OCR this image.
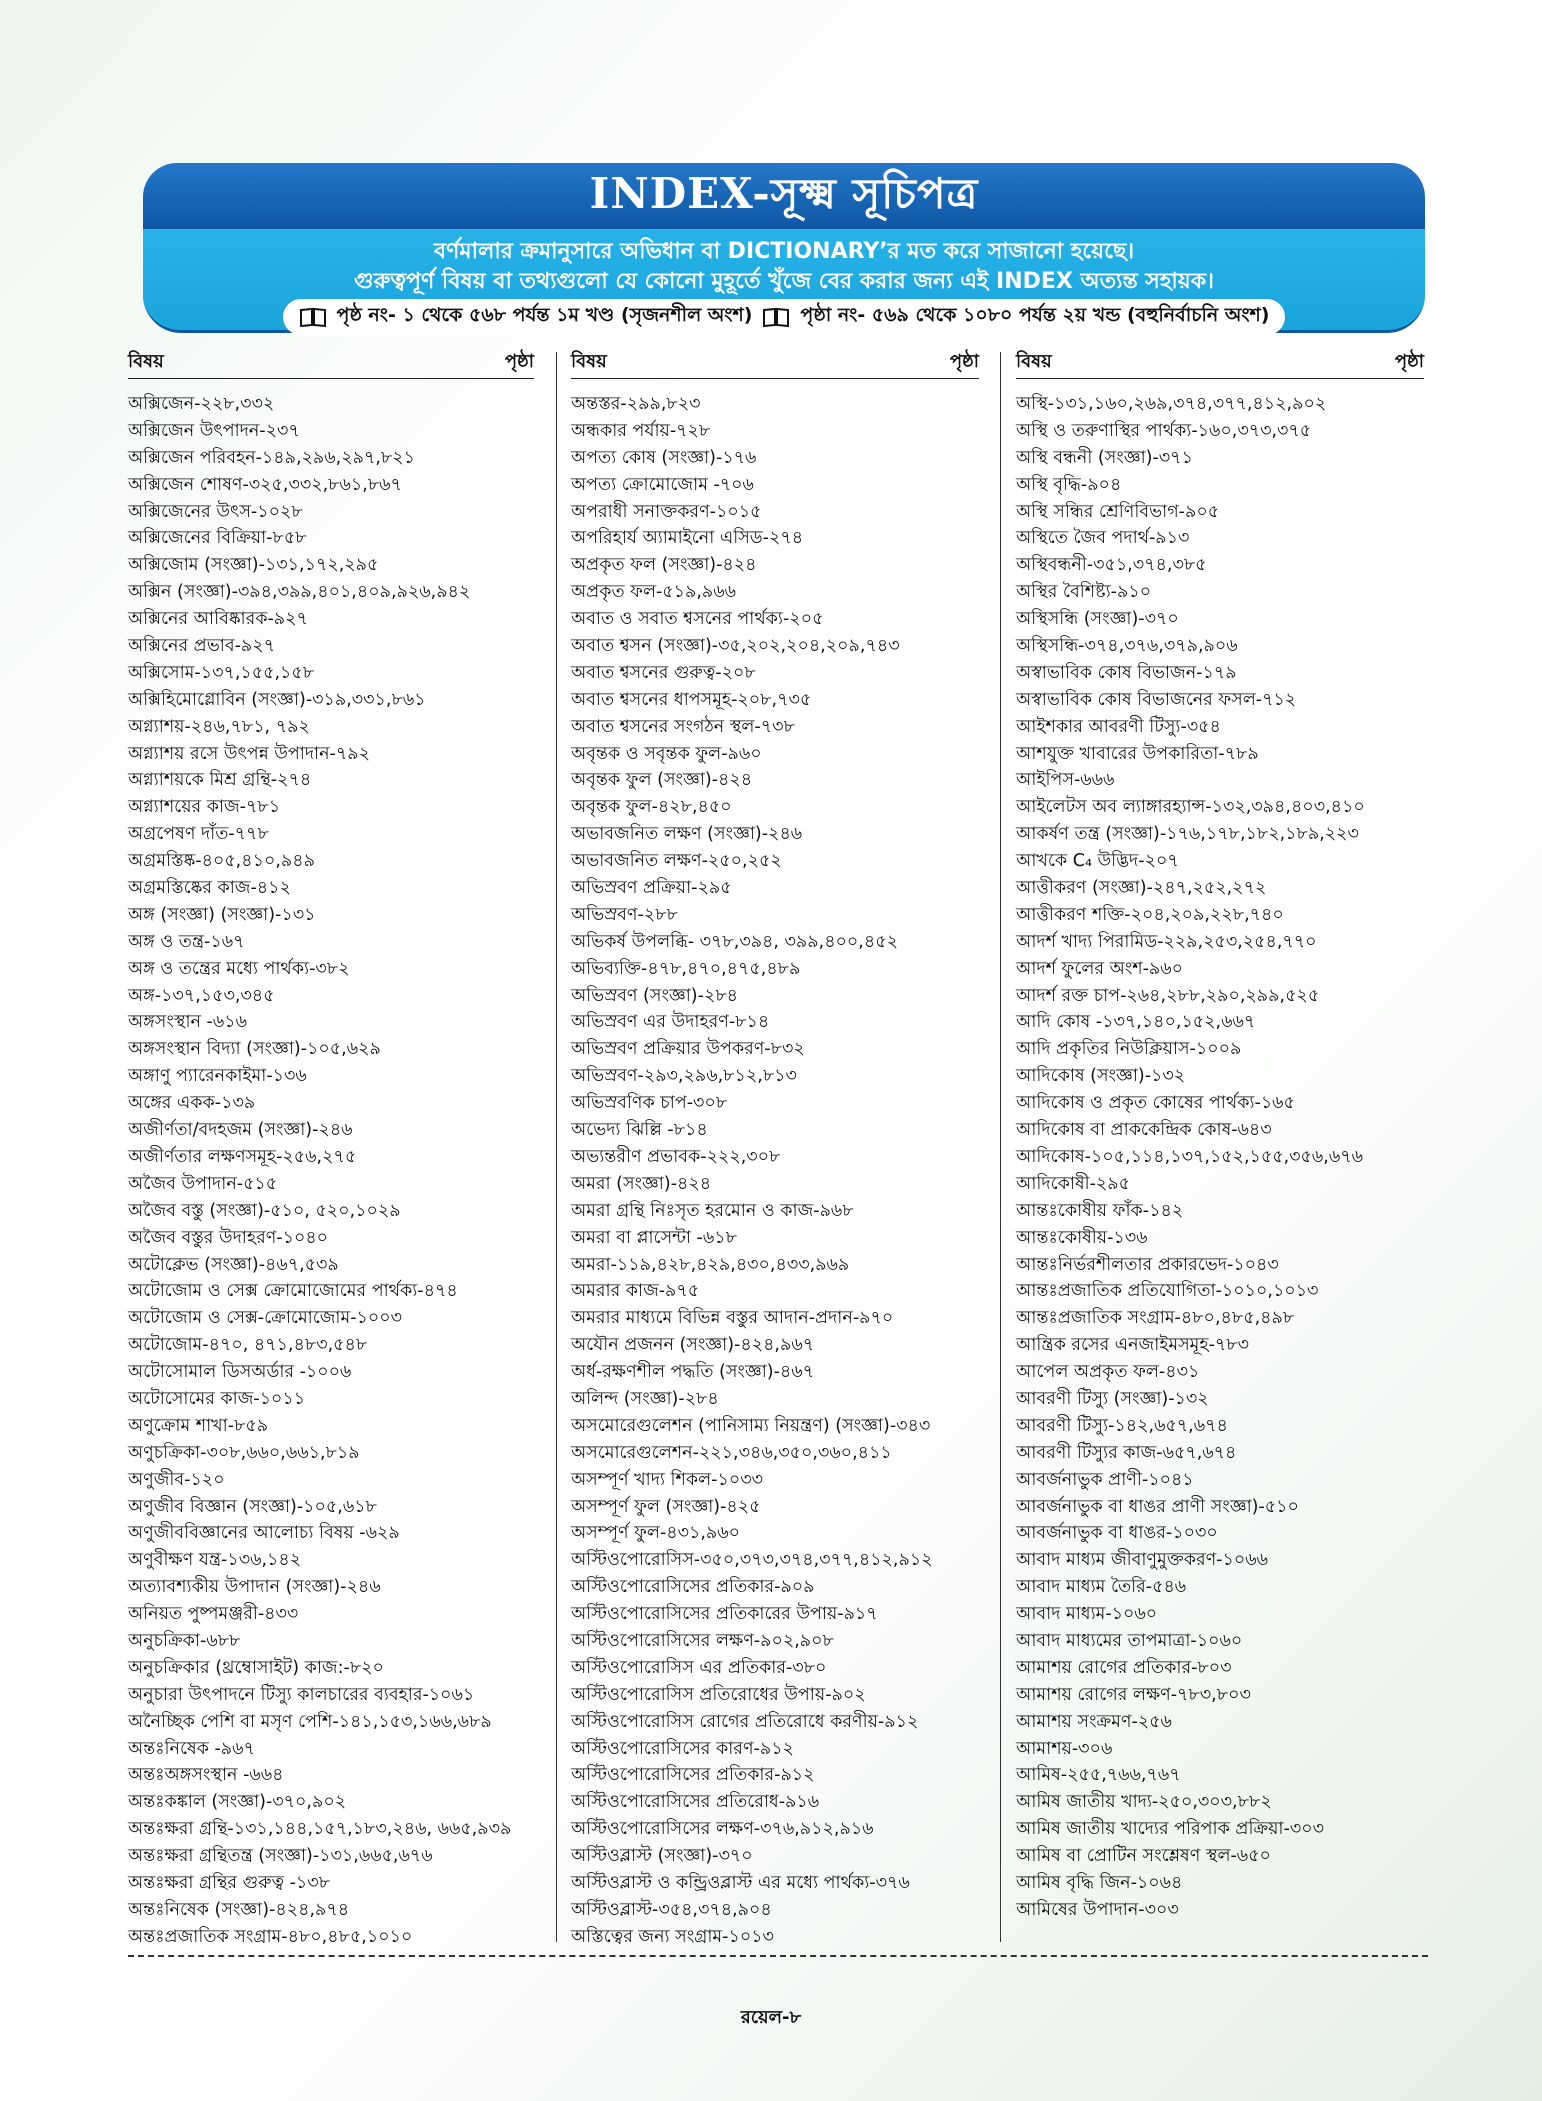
INDEX-সূক্ষ্ম সূচিপত্র
বর্ণমালার ক্রমানুসারে অভিধান বা DICTIONARY’র মত করে সাজানো হয়েছে।
গুরুত্বপূর্ণ বিষয় বা তথ্যগুলো যে কোনো মুহূর্তে খুঁজে বের করার জন্য এই INDEX অত্যন্ত সহায়ক।
পৃষ্ঠ নং- ১ থেকে ৫৬৮ পর্যন্ত ১ম খণ্ড (সৃজনশীল অংশ)	পৃষ্ঠা নং- ৫৬৯ থেকে ১০৮০ পর্যন্ত ২য় খন্ড (বহুনির্বাচনি অংশ)
বিষয়	পৃষ্ঠা
অক্সিজেন-২২৮,৩৩২
অক্সিজেন উৎপাদন-২৩৭
অক্সিজেন পরিবহন-১৪৯,২৯৬,২৯৭,৮২১
অক্সিজেন শোষণ-৩২৫,৩৩২,৮৬১,৮৬৭
অক্সিজেনের উৎস-১০২৮
অক্সিজেনের বিক্রিয়া-৮৫৮
অক্সিজোম (সংজ্ঞা)-১৩১,১৭২,২৯৫
অক্সিন (সংজ্ঞা)-৩৯৪,৩৯৯,৪০১,৪০৯,৯২৬,৯৪২
অক্সিনের আবিষ্কারক-৯২৭
অক্সিনের প্রভাব-৯২৭
অক্সিসোম-১৩৭,১৫৫,১৫৮
অক্সিহিমোগ্লোবিন (সংজ্ঞা)-৩১৯,৩৩১,৮৬১
অগ্ন্যাশয়-২৪৬,৭৮১, ৭৯২
অগ্ন্যাশয় রসে উৎপন্ন উপাদান-৭৯২
অগ্ন্যাশয়কে মিশ্র গ্রন্থি-২৭৪
অগ্ন্যাশয়ের কাজ-৭৮১
অগ্রপেষণ দাঁত-৭৭৮
অগ্রমস্তিষ্ক-৪০৫,৪১০,৯৪৯
অগ্রমস্তিষ্কের কাজ-৪১২
অঙ্গ (সংজ্ঞা) (সংজ্ঞা)-১৩১
অঙ্গ ও তন্ত্র-১৬৭
অঙ্গ ও তন্ত্রের মধ্যে পার্থক্য-৩৮২
অঙ্গ-১৩৭,১৫৩,৩৪৫
অঙ্গসংস্থান -৬১৬
অঙ্গসংস্থান বিদ্যা (সংজ্ঞা)-১০৫,৬২৯
অঙ্গাণু প্যারেনকাইমা-১৩৬
অঙ্গের একক-১৩৯
অজীর্ণতা/বদহজম (সংজ্ঞা)-২৪৬
অজীর্ণতার লক্ষণসমূহ-২৫৬,২৭৫
অজৈব উপাদান-৫১৫
অজৈব বস্তু (সংজ্ঞা)-৫১০, ৫২০,১০২৯
অজৈব বস্তুর উদাহরণ-১০৪০
অটোক্লেভ (সংজ্ঞা)-৪৬৭,৫৩৯
অটোজোম ও সেক্স ক্রোমোজোমের পার্থক্য-৪৭৪
অটোজোম ও সেক্স-ক্রোমোজোম-১০০৩
অটোজোম-৪৭০, ৪৭১,৪৮৩,৫৪৮
অটোসোমাল ডিসঅর্ডার -১০০৬
অটোসোমের কাজ-১০১১
অণুক্রোম শাখা-৮৫৯
অণুচক্রিকা-৩০৮,৬৬০,৬৬১,৮১৯
অণুজীব-১২০
অণুজীব বিজ্ঞান (সংজ্ঞা)-১০৫,৬১৮
অণুজীববিজ্ঞানের আলোচ্য বিষয় -৬২৯
অণুবীক্ষণ যন্ত্র-১৩৬,১৪২
অত্যাবশ্যকীয় উপাদান (সংজ্ঞা)-২৪৬
অনিয়ত পুষ্পমঞ্জরী-৪৩৩
অনুচক্রিকা-৬৮৮
অনুচক্রিকার (থ্রম্বোসাইট) কাজ:-৮২০
অনুচারা উৎপাদনে টিস্যু কালচারের ব্যবহার-১০৬১
অনৈচ্ছিক পেশি বা মসৃণ পেশি-১৪১,১৫৩,১৬৬,৬৮৯
অন্তঃনিষেক -৯৬৭
অন্তঃঅঙ্গসংস্থান -৬৬৪
অন্তঃকঙ্কাল (সংজ্ঞা)-৩৭০,৯০২
অন্তঃক্ষরা গ্রন্থি-১৩১,১৪৪,১৫৭,১৮৩,২৪৬, ৬৬৫,৯৩৯
অন্তঃক্ষরা গ্রন্থিতন্ত্র (সংজ্ঞা)-১৩১,৬৬৫,৬৭৬
অন্তঃক্ষরা গ্রন্থির গুরুত্ব -১৩৮
অন্তঃনিষেক (সংজ্ঞা)-৪২৪,৯৭৪
অন্তঃপ্রজাতিক সংগ্রাম-৪৮০,৪৮৫,১০১০
বিষয়	পৃষ্ঠা
অন্তস্তর-২৯৯,৮২৩
অন্ধকার পর্যায়-৭২৮
অপত্য কোষ (সংজ্ঞা)-১৭৬
অপত্য ক্রোমোজোম -৭০৬
অপরাধী সনাক্তকরণ-১০১৫
অপরিহার্য অ্যামাইনো এসিড-২৭৪
অপ্রকৃত ফল (সংজ্ঞা)-৪২৪
অপ্রকৃত ফল-৫১৯,৯৬৬
অবাত ও সবাত শ্বসনের পার্থক্য-২০৫
অবাত শ্বসন (সংজ্ঞা)-৩৫,২০২,২০৪,২০৯,৭৪৩
অবাত শ্বসনের গুরুত্ব-২০৮
অবাত শ্বসনের ধাপসমূহ-২০৮,৭৩৫
অবাত শ্বসনের সংগঠন স্থল-৭৩৮
অবৃন্তক ও সবৃন্তক ফুল-৯৬০
অবৃন্তক ফুল (সংজ্ঞা)-৪২৪
অবৃন্তক ফুল-৪২৮,৪৫০
অভাবজনিত লক্ষণ (সংজ্ঞা)-২৪৬
অভাবজনিত লক্ষণ-২৫০,২৫২
অভিস্রবণ প্রক্রিয়া-২৯৫
অভিস্রবণ-২৮৮
অভিকর্ষ উপলব্ধি- ৩৭৮,৩৯৪, ৩৯৯,৪০০,৪৫২
অভিব্যক্তি-৪৭৮,৪৭০,৪৭৫,৪৮৯
অভিস্রবণ (সংজ্ঞা)-২৮৪
অভিস্রবণ এর উদাহরণ-৮১৪
অভিস্রবণ প্রক্রিয়ার উপকরণ-৮৩২
অভিস্রবণ-২৯৩,২৯৬,৮১২,৮১৩
অভিস্রবণিক চাপ-৩০৮
অভেদ্য ঝিল্লি -৮১৪
অভ্যন্তরীণ প্রভাবক-২২২,৩০৮
অমরা (সংজ্ঞা)-৪২৪
অমরা গ্রন্থি নিঃসৃত হরমোন ও কাজ-৯৬৮
অমরা বা প্লাসেন্টা -৬১৮
অমরা-১১৯,৪২৮,৪২৯,৪৩০,৪৩৩,৯৬৯
অমরার কাজ-৯৭৫
অমরার মাধ্যমে বিভিন্ন বস্তুর আদান-প্রদান-৯৭০
অযৌন প্রজনন (সংজ্ঞা)-৪২৪,৯৬৭
অর্ধ-রক্ষণশীল পদ্ধতি (সংজ্ঞা)-৪৬৭
অলিন্দ (সংজ্ঞা)-২৮৪
অসমোরেগুলেশন (পানিসাম্য নিয়ন্ত্রণ) (সংজ্ঞা)-৩৪৩
অসমোরেগুলেশন-২২১,৩৪৬,৩৫০,৩৬০,৪১১
অসম্পূর্ণ খাদ্য শিকল-১০৩৩
অসম্পূর্ণ ফুল (সংজ্ঞা)-৪২৫
অসম্পূর্ণ ফুল-৪৩১,৯৬০
অস্টিওপোরোসিস-৩৫০,৩৭৩,৩৭৪,৩৭৭,৪১২,৯১২
অস্টিওপোরোসিসের প্রতিকার-৯০৯
অস্টিওপোরোসিসের প্রতিকারের উপায়-৯১৭
অস্টিওপোরোসিসের লক্ষণ-৯০২,৯০৮
অস্টিওপোরোসিস এর প্রতিকার-৩৮০
অস্টিওপোরোসিস প্রতিরোধের উপায়-৯০২
অস্টিওপোরোসিস রোগের প্রতিরোধে করণীয়-৯১২
অস্টিওপোরোসিসের কারণ-৯১২
অস্টিওপোরোসিসের প্রতিকার-৯১২
অস্টিওপোরোসিসের প্রতিরোধ-৯১৬
অস্টিওপোরোসিসের লক্ষণ-৩৭৬,৯১২,৯১৬
অস্টিওব্লাস্ট (সংজ্ঞা)-৩৭০
অস্টিওব্লাস্ট ও কন্ড্রিওব্লাস্ট এর মধ্যে পার্থক্য-৩৭৬
অস্টিওব্লাস্ট-৩৫৪,৩৭৪,৯০৪
অস্তিত্বের জন্য সংগ্রাম-১০১৩
বিষয়	পৃষ্ঠা
অস্থি-১৩১,১৬০,২৬৯,৩৭৪,৩৭৭,৪১২,৯০২
অস্থি ও তরুণাস্থির পার্থক্য-১৬০,৩৭৩,৩৭৫
অস্থি বন্ধনী (সংজ্ঞা)-৩৭১
অস্থি বৃদ্ধি-৯০৪
অস্থি সন্ধির শ্রেণিবিভাগ-৯০৫
অস্থিতে জৈব পদার্থ-৯১৩
অস্থিবন্ধনী-৩৫১,৩৭৪,৩৮৫
অস্থির বৈশিষ্ট্য-৯১০
অস্থিসন্ধি (সংজ্ঞা)-৩৭০
অস্থিসন্ধি-৩৭৪,৩৭৬,৩৭৯,৯০৬
অস্বাভাবিক কোষ বিভাজন-১৭৯
অস্বাভাবিক কোষ বিভাজনের ফসল-৭১২
আইশকার আবরণী টিস্যু-৩৫৪
আশযুক্ত খাবারের উপকারিতা-৭৮৯
আইপিস-৬৬৬
আইলেটস অব ল্যাঙ্গারহ্যান্স-১৩২,৩৯৪,৪০৩,৪১০
আকর্ষণ তন্ত্র (সংজ্ঞা)-১৭৬,১৭৮,১৮২,১৮৯,২২৩
আখকে C₄ উদ্ভিদ-২০৭
আত্তীকরণ (সংজ্ঞা)-২৪৭,২৫২,২৭২
আত্তীকরণ শক্তি-২০৪,২০৯,২২৮,৭৪০
আদর্শ খাদ্য পিরামিড-২২৯,২৫৩,২৫৪,৭৭০
আদর্শ ফুলের অংশ-৯৬০
আদর্শ রক্ত চাপ-২৬৪,২৮৮,২৯০,২৯৯,৫২৫
আদি কোষ -১৩৭,১৪০,১৫২,৬৬৭
আদি প্রকৃতির নিউক্লিয়াস-১০০৯
আদিকোষ (সংজ্ঞা)-১৩২
আদিকোষ ও প্রকৃত কোষের পার্থক্য-১৬৫
আদিকোষ বা প্রাককেন্দ্রিক কোষ-৬৪৩
আদিকোষ-১০৫,১১৪,১৩৭,১৫২,১৫৫,৩৫৬,৬৭৬
আদিকোষী-২৯৫
আন্তঃকোষীয় ফাঁক-১৪২
আন্তঃকোষীয়-১৩৬
আন্তঃনির্ভরশীলতার প্রকারভেদ-১০৪৩
আন্তঃপ্রজাতিক প্রতিযোগিতা-১০১০,১০১৩
আন্তঃপ্রজাতিক সংগ্রাম-৪৮০,৪৮৫,৪৯৮
আন্ত্রিক রসের এনজাইমসমূহ-৭৮৩
আপেল অপ্রকৃত ফল-৪৩১
আবরণী টিস্যু (সংজ্ঞা)-১৩২
আবরণী টিস্যু-১৪২,৬৫৭,৬৭৪
আবরণী টিস্যুর কাজ-৬৫৭,৬৭৪
আবর্জনাভুক প্রাণী-১০৪১
আবর্জনাভুক বা ধাঙর প্রাণী সংজ্ঞা)-৫১০
আবর্জনাভুক বা ধাঙর-১০৩০
আবাদ মাধ্যম জীবাণুমুক্তকরণ-১০৬৬
আবাদ মাধ্যম তৈরি-৫৪৬
আবাদ মাধ্যম-১০৬০
আবাদ মাধ্যমের তাপমাত্রা-১০৬০
আমাশয় রোগের প্রতিকার-৮০৩
আমাশয় রোগের লক্ষণ-৭৮৩,৮০৩
আমাশয় সংক্রমণ-২৫৬
আমাশয়-৩০৬
আমিষ-২৫৫,৭৬৬,৭৬৭
আমিষ জাতীয় খাদ্য-২৫০,৩০৩,৮৮২
আমিষ জাতীয় খাদ্যের পরিপাক প্রক্রিয়া-৩০৩
আমিষ বা প্রোটিন সংশ্লেষণ স্থল-৬৫০
আমিষ বৃদ্ধি জিন-১০৬৪
আমিষের উপাদান-৩০৩
রয়েল-৮
